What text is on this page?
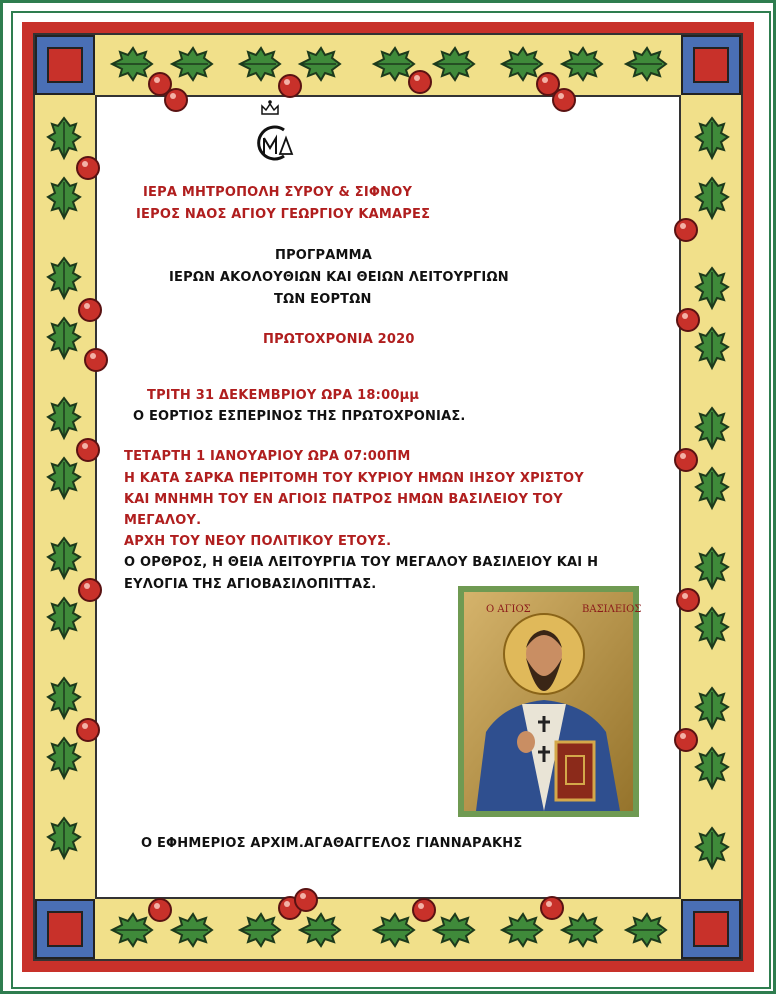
ΙΕΡΑ ΜΗΤΡΟΠΟΛΗ ΣΥΡΟΥ & ΣΙΦΝΟΥ
ΙΕΡΟΣ ΝΑΟΣ ΑΓΙΟΥ ΓΕΩΡΓΙΟΥ ΚΑΜΑΡΕΣ
ΠΡΟΓΡΑΜΜΑ
ΙΕΡΩΝ ΑΚΟΛΟΥΘΙΩΝ ΚΑΙ ΘΕΙΩΝ ΛΕΙΤΟΥΡΓΙΩΝ
ΤΩΝ ΕΟΡΤΩΝ
ΠΡΩΤΟΧΡΟΝΙΑ 2020
ΤΡΙΤΗ 31 ΔΕΚΕΜΒΡΙΟΥ ΩΡΑ 18:00μμ
Ο ΕΟΡΤΙΟΣ ΕΣΠΕΡΙΝΟΣ ΤΗΣ ΠΡΩΤΟΧΡΟΝΙΑΣ.
ΤΕΤΑΡΤΗ 1 ΙΑΝΟΥΑΡΙΟΥ ΩΡΑ 07:00ΠΜ
Η ΚΑΤΑ ΣΑΡΚΑ ΠΕΡΙΤΟΜΗ ΤΟΥ ΚΥΡΙΟΥ ΗΜΩΝ ΙΗΣΟΥ ΧΡΙΣΤΟΥ
ΚΑΙ ΜΝΗΜΗ ΤΟΥ ΕΝ ΑΓΙΟΙΣ ΠΑΤΡΟΣ ΗΜΩΝ ΒΑΣΙΛΕΙΟΥ ΤΟΥ
ΜΕΓΑΛΟΥ.
ΑΡΧΗ ΤΟΥ ΝΕΟΥ ΠΟΛΙΤΙΚΟΥ ΕΤΟΥΣ.
Ο ΟΡΘΡΟΣ, Η ΘΕΙΑ ΛΕΙΤΟΥΡΓΙΑ ΤΟΥ ΜΕΓΑΛΟΥ ΒΑΣΙΛΕΙΟΥ ΚΑΙ Η
ΕΥΛΟΓΙΑ ΤΗΣ ΑΓΙΟΒΑΣΙΛΟΠΙΤΤΑΣ.
Ο ΑΓΙΟΣ	ΒΑΣΙΛΕΙΟΣ
Ο ΕΦΗΜΕΡΙΟΣ ΑΡΧΙΜ.ΑΓΑΘΑΓΓΕΛΟΣ ΓΙΑΝΝΑΡΑΚΗΣ
